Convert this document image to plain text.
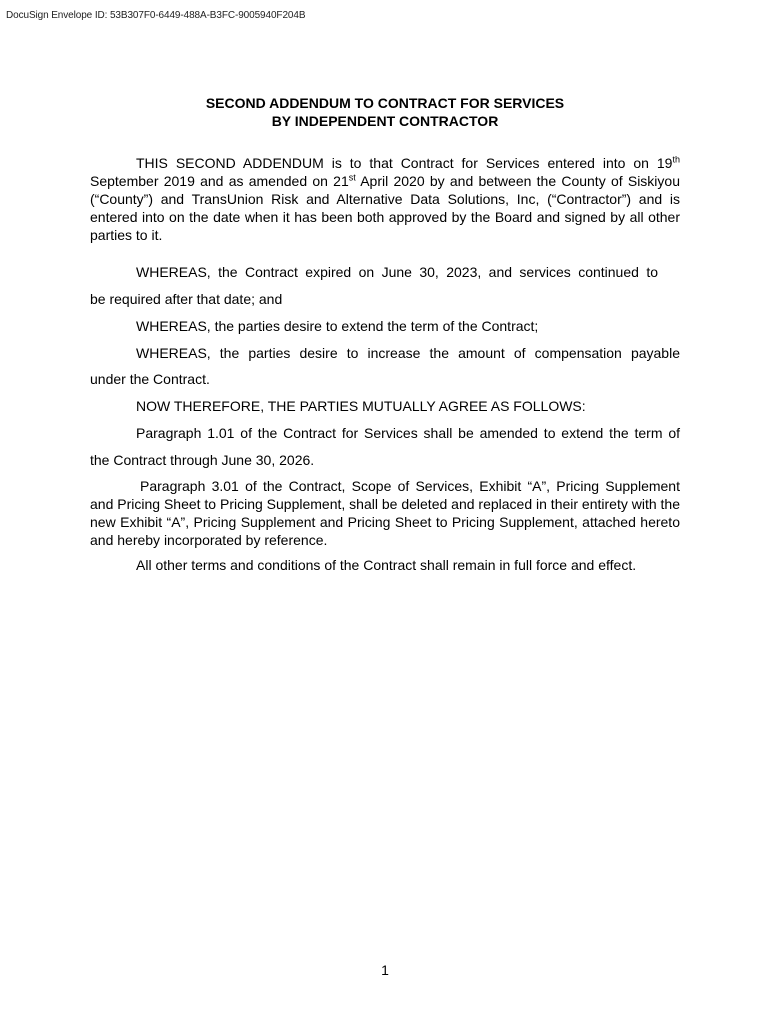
DocuSign Envelope ID: 53B307F0-6449-488A-B3FC-9005940F204B
SECOND ADDENDUM TO CONTRACT FOR SERVICES
BY INDEPENDENT CONTRACTOR
THIS SECOND ADDENDUM is to that Contract for Services entered into on 19th September 2019 and as amended on 21st April 2020 by and between the County of Siskiyou (“County”) and TransUnion Risk and Alternative Data Solutions, Inc, (“Contractor”) and is entered into on the date when it has been both approved by the Board and signed by all other parties to it.
WHEREAS, the Contract expired on June 30, 2023, and services continued to
be required after that date; and
WHEREAS, the parties desire to extend the term of the Contract;
WHEREAS, the parties desire to increase the amount of compensation payable
under the Contract.
NOW THEREFORE, THE PARTIES MUTUALLY AGREE AS FOLLOWS:
Paragraph 1.01 of the Contract for Services shall be amended to extend the term of
the Contract through June 30, 2026.
Paragraph 3.01 of the Contract, Scope of Services, Exhibit “A”, Pricing Supplement and Pricing Sheet to Pricing Supplement, shall be deleted and replaced in their entirety with the new Exhibit “A”, Pricing Supplement and Pricing Sheet to Pricing Supplement, attached hereto and hereby incorporated by reference.
All other terms and conditions of the Contract shall remain in full force and effect.
1
